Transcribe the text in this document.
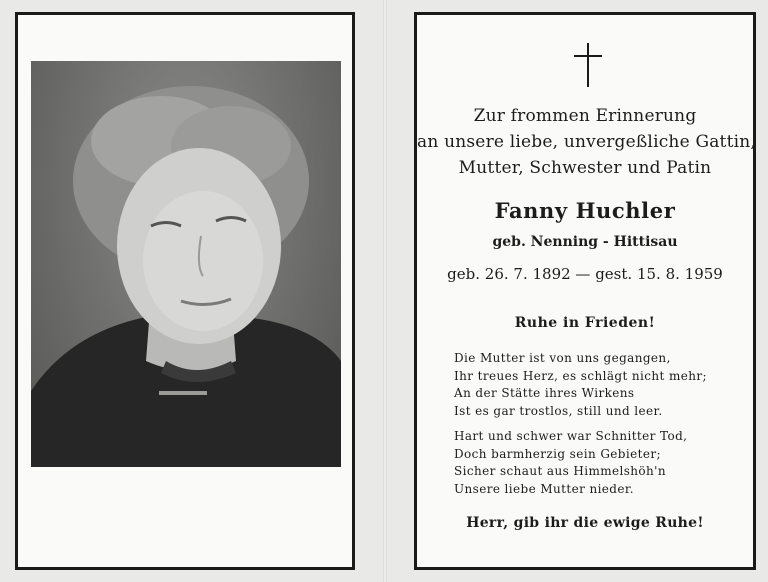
Zur frommen Erinnerung
an unsere liebe, unvergeßliche Gattin,
Mutter, Schwester und Patin
Fanny Huchler
geb. Nenning - Hittisau
geb. 26. 7. 1892 — gest. 15. 8. 1959
Ruhe in Frieden!
Die Mutter ist von uns gegangen,
Ihr treues Herz, es schlägt nicht mehr;
An der Stätte ihres Wirkens
Ist es gar trostlos, still und leer.
Hart und schwer war Schnitter Tod,
Doch barmherzig sein Gebieter;
Sicher schaut aus Himmelshöh'n
Unsere liebe Mutter nieder.
Herr, gib ihr die ewige Ruhe!
